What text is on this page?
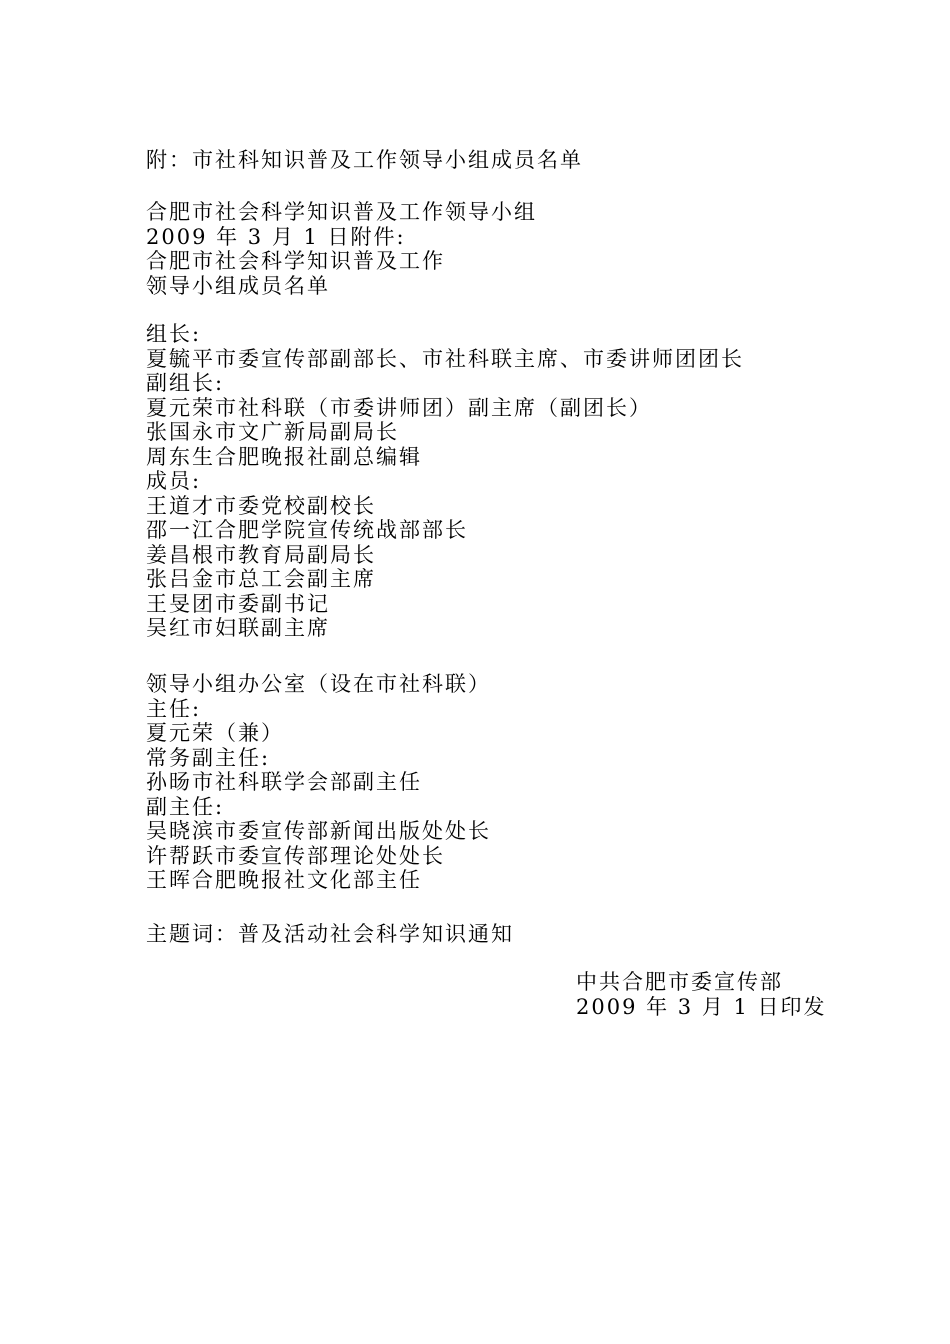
附：市社科知识普及工作领导小组成员名单
合肥市社会科学知识普及工作领导小组
2009 年 3 月 1 日附件:
合肥市社会科学知识普及工作
领导小组成员名单
组长:
夏毓平市委宣传部副部长、市社科联主席、市委讲师团团长
副组长:
夏元荣市社科联（市委讲师团）副主席（副团长）
张国永市文广新局副局长
周东生合肥晚报社副总编辑
成员:
王道才市委党校副校长
邵一江合肥学院宣传统战部部长
姜昌根市教育局副局长
张吕金市总工会副主席
王旻团市委副书记
吴红市妇联副主席
领导小组办公室（设在市社科联）
主任:
夏元荣（兼）
常务副主任:
孙旸市社科联学会部副主任
副主任:
吴晓滨市委宣传部新闻出版处处长
许帮跃市委宣传部理论处处长
王晖合肥晚报社文化部主任
主题词：普及活动社会科学知识通知
中共合肥市委宣传部
2009 年 3 月 1 日印发
